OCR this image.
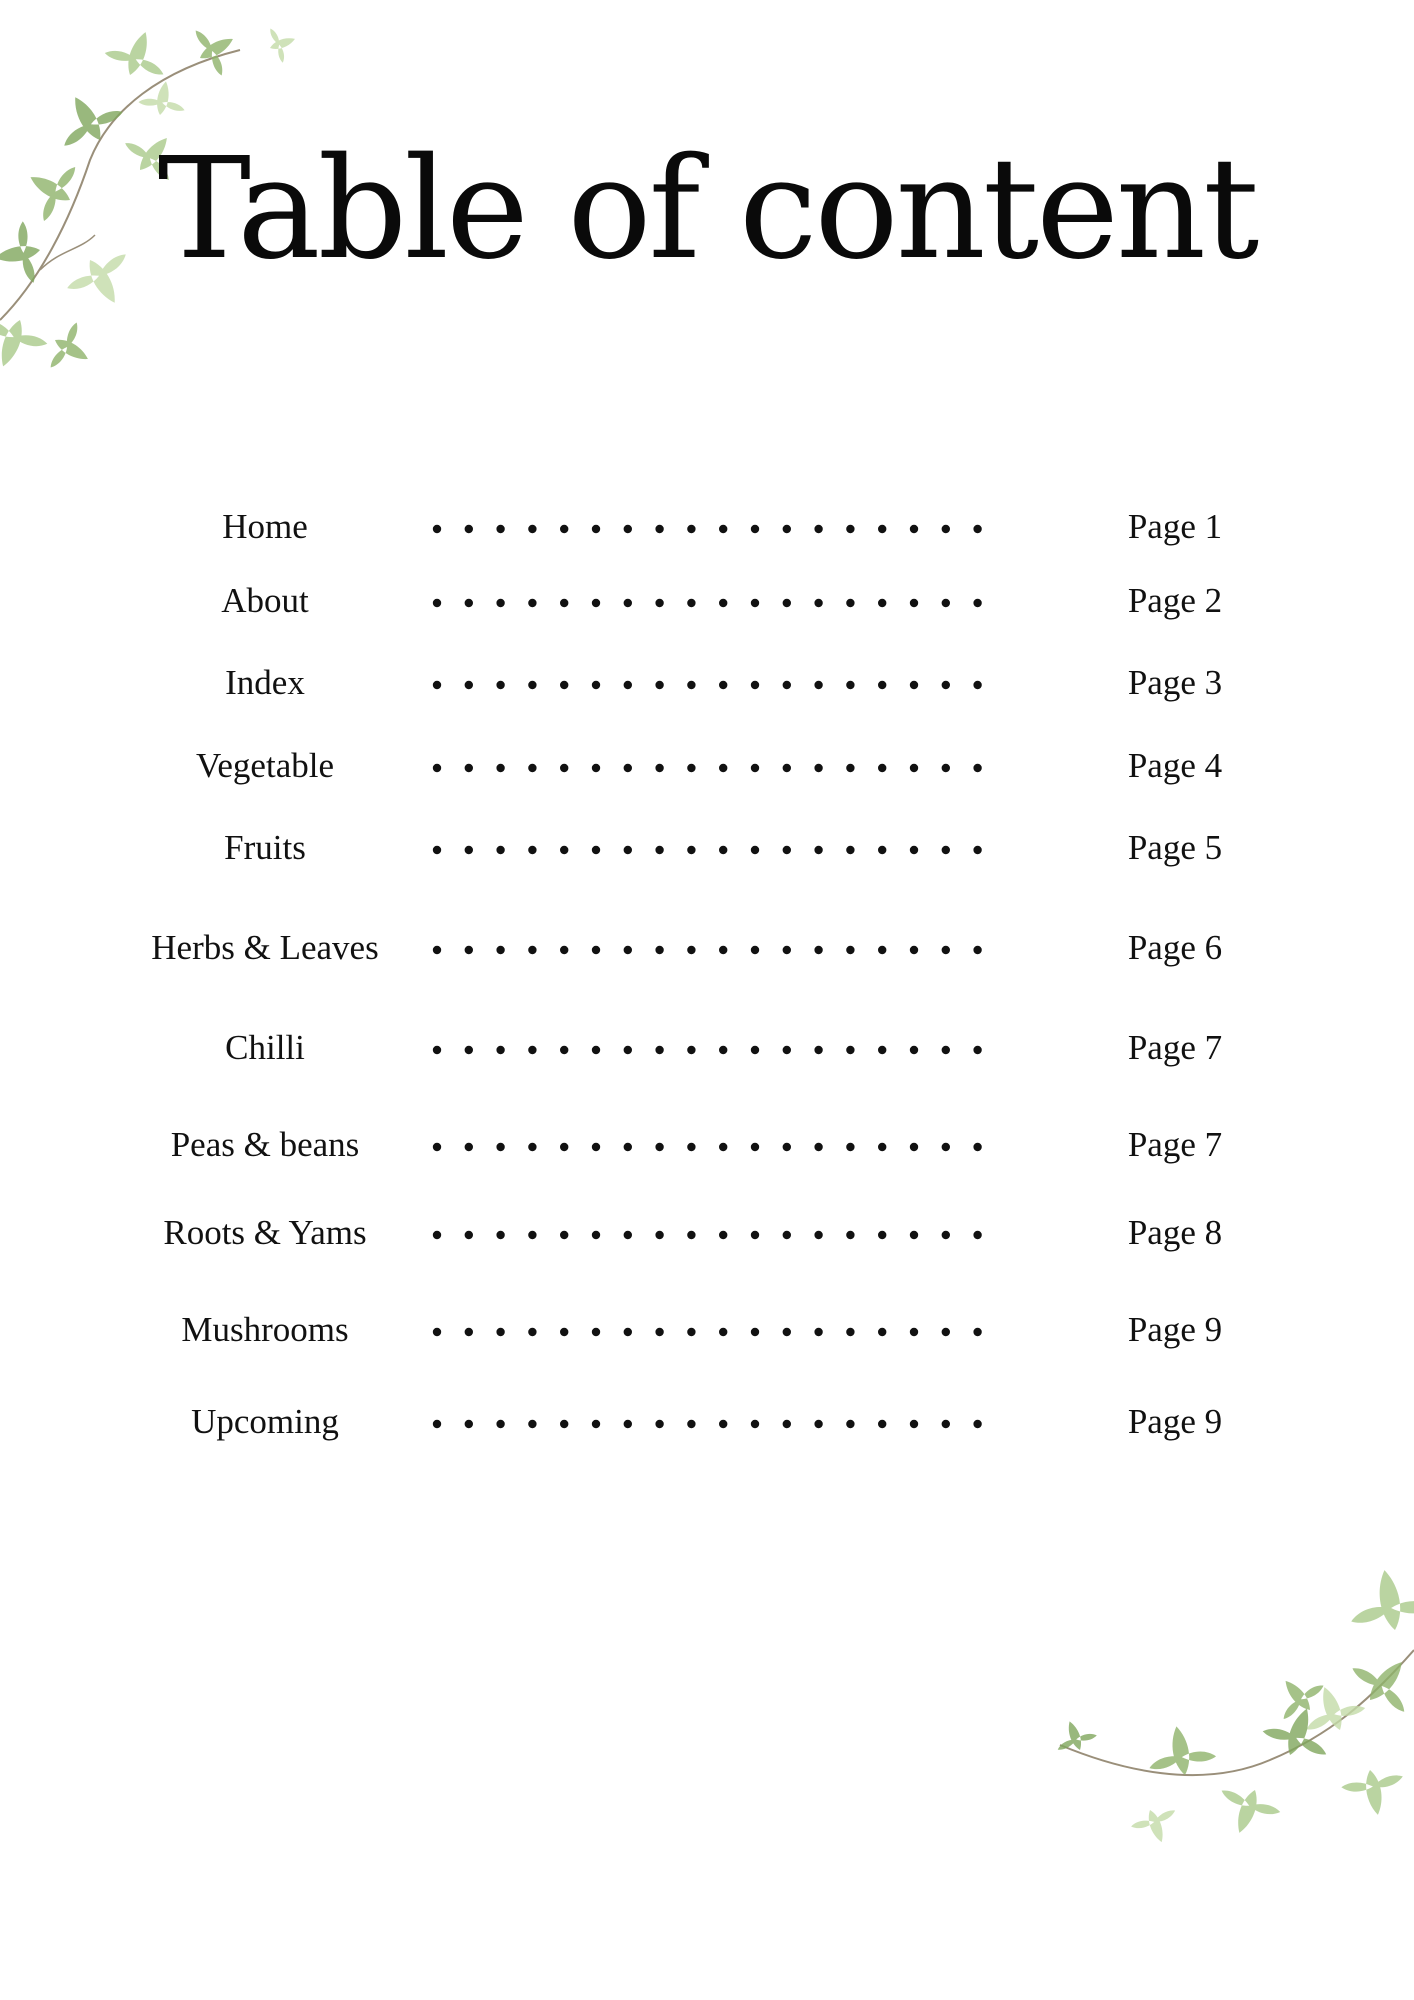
Table of content
Home	Page 1
About	Page 2
Index	Page 3
Vegetable	Page 4
Fruits	Page 5
Herbs & Leaves	Page 6
Chilli	Page 7
Peas & beans	Page 7
Roots & Yams	Page 8
Mushrooms	Page 9
Upcoming	Page 9
